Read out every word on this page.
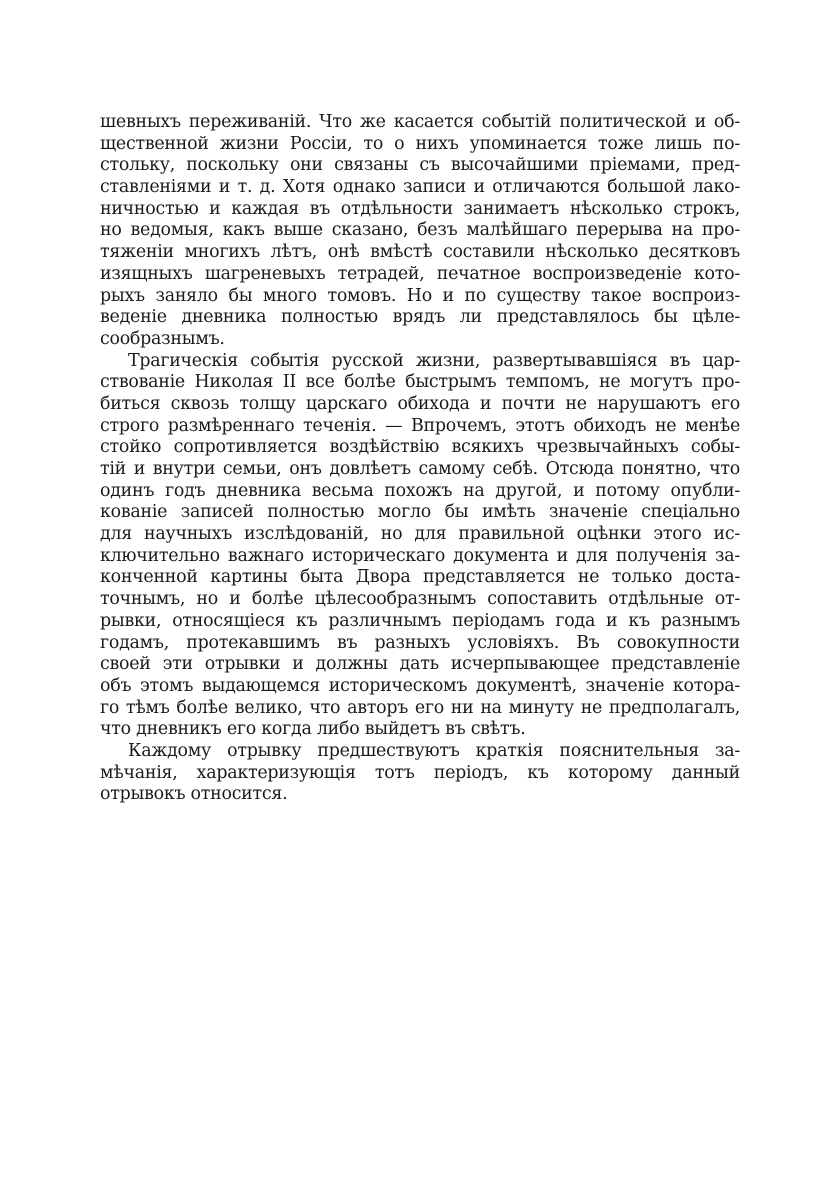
шевныхъ переживаній. Что же касается событій политической и об-
щественной жизни Россіи, то о нихъ упоминается тоже лишь по-
стольку, поскольку они связаны съ высочайшими пріемами, пред-
ставленіями и т. д. Хотя однако записи и отличаются большой лако-
ничностью и каждая въ отдѣльности занимаетъ нѣсколько строкъ,
но ведомыя, какъ выше сказано, безъ малѣйшаго перерыва на про-
тяженіи многихъ лѣтъ, онѣ вмѣстѣ составили нѣсколько десятковъ
изящныхъ шагреневыхъ тетрадей, печатное воспроизведеніе кото-
рыхъ заняло бы много томовъ. Но и по существу такое воспроиз-
веденіе дневника полностью врядъ ли представлялось бы цѣле-
сообразнымъ.
Трагическія событія русской жизни, развертывавшіяся въ цар-
ствованіе Николая II все болѣе быстрымъ темпомъ, не могутъ про-
биться сквозь толщу царскаго обихода и почти не нарушаютъ его
строго размѣреннаго теченія. — Впрочемъ, этотъ обиходъ не менѣе
стойко сопротивляется воздѣйствію всякихъ чрезвычайныхъ собы-
тій и внутри семьи, онъ довлѣетъ самому себѣ. Отсюда понятно, что
одинъ годъ дневника весьма похожъ на другой, и потому опубли-
кованіе записей полностью могло бы имѣть значеніе спеціально
для научныхъ изслѣдованій, но для правильной оцѣнки этого ис-
ключительно важнаго историческаго документа и для полученія за-
конченной картины быта Двора представляется не только доста-
точнымъ, но и болѣе цѣлесообразнымъ сопоставить отдѣльные от-
рывки, относящіеся къ различнымъ періодамъ года и къ разнымъ
годамъ, протекавшимъ въ разныхъ условіяхъ. Въ совокупности
своей эти отрывки и должны дать исчерпывающее представленіе
объ этомъ выдающемся историческомъ документѣ, значеніе котора-
го тѣмъ болѣе велико, что авторъ его ни на минуту не предполагалъ,
что дневникъ его когда либо выйдетъ въ свѣтъ.
Каждому отрывку предшествуютъ краткія пояснительныя за-
мѣчанія, характеризующія тотъ періодъ, къ которому данный
отрывокъ относится.
